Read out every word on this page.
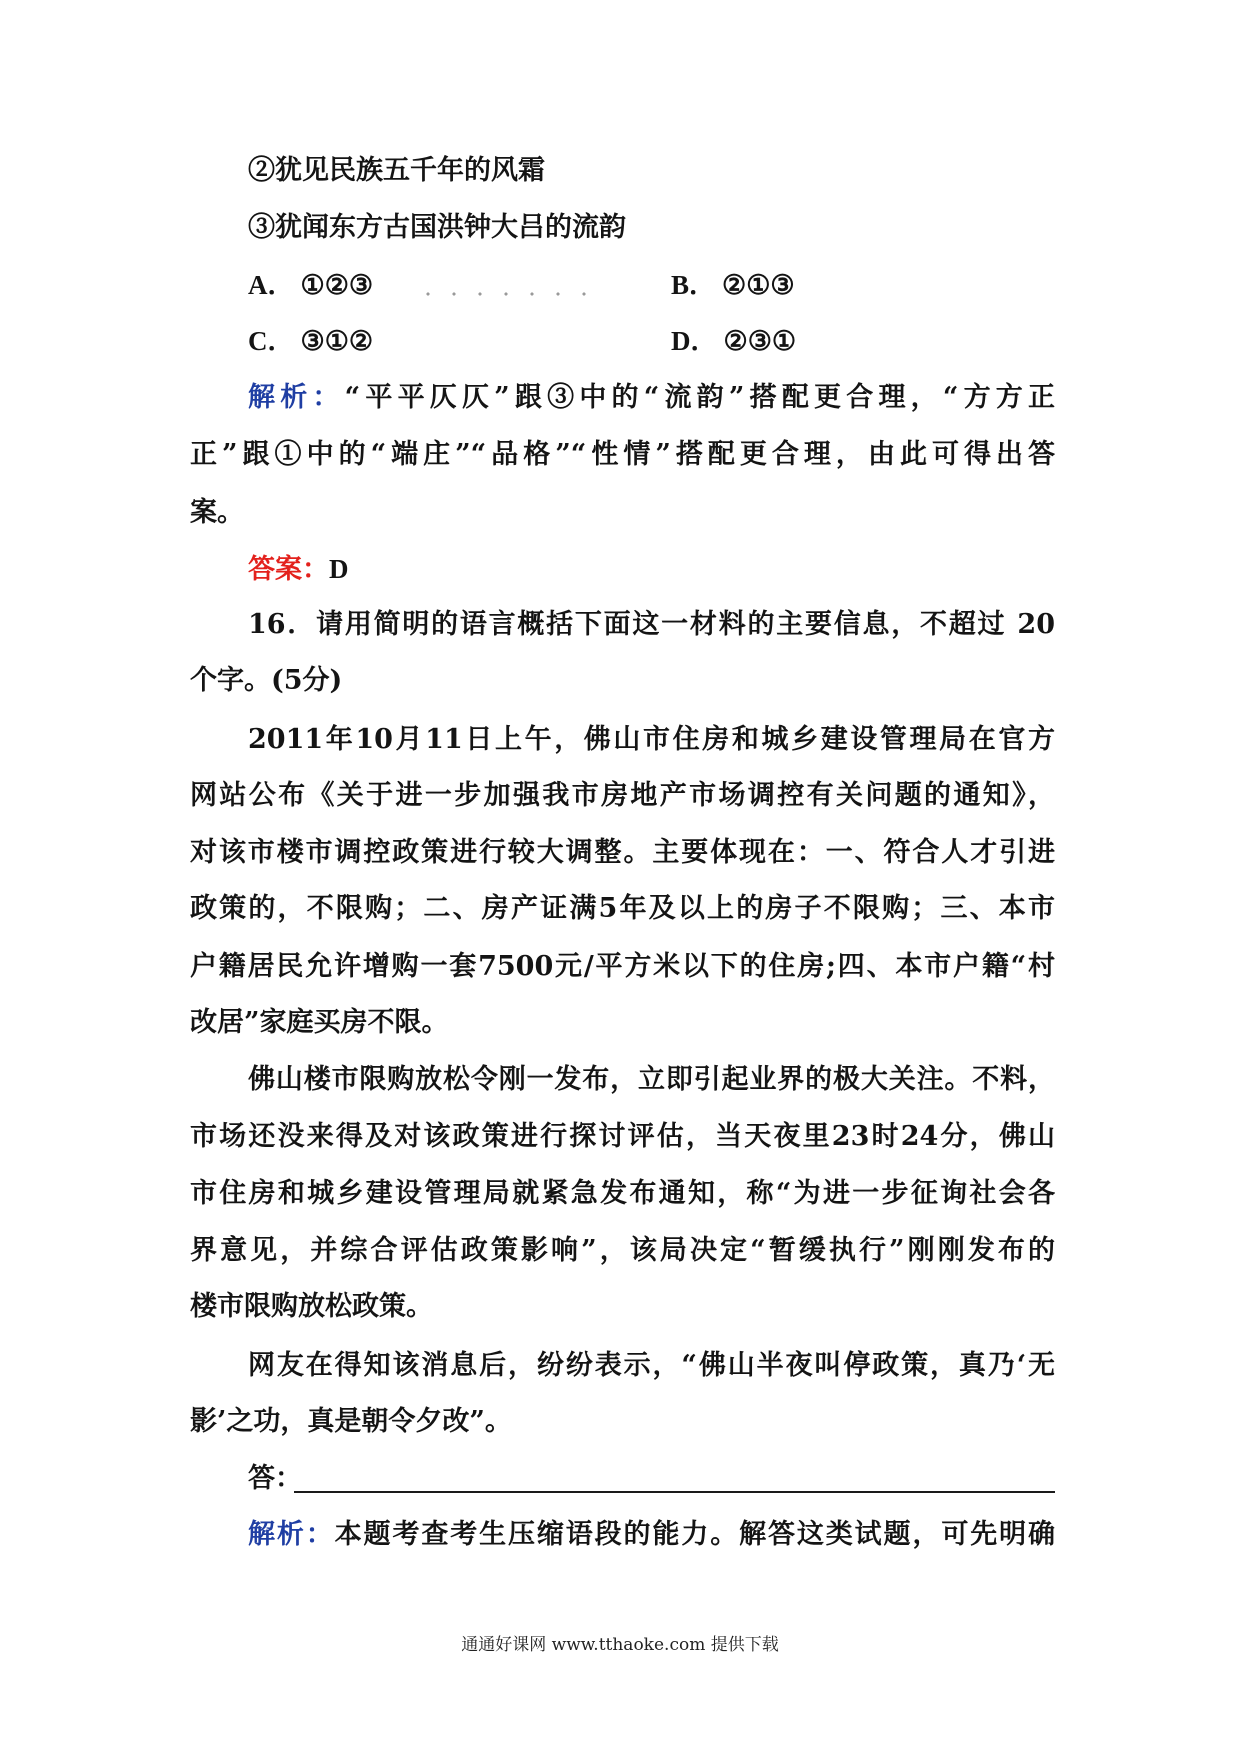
②犹见民族五千年的风霜
③犹闻东方古国洪钟大吕的流韵
A． ①②③	B． ②①③
C． ③①②	D． ②③①
解析：“平平仄仄”跟③中的“流韵”搭配更合理，“方方正
正”跟①中的“端庄”“品格”“性情”搭配更合理，由此可得出答
案。
答案：D
16．请用简明的语言概括下面这一材料的主要信息，不超过 20
个字。(5分)
2011年10月11日上午，佛山市住房和城乡建设管理局在官方
网站公布《关于进一步加强我市房地产市场调控有关问题的通知》，
对该市楼市调控政策进行较大调整。主要体现在：一、符合人才引进
政策的，不限购；二、房产证满5年及以上的房子不限购；三、本市
户籍居民允许增购一套7500元/平方米以下的住房;四、本市户籍“村
改居”家庭买房不限。
佛山楼市限购放松令刚一发布，立即引起业界的极大关注。不料，
市场还没来得及对该政策进行探讨评估，当天夜里23时24分，佛山
市住房和城乡建设管理局就紧急发布通知，称“为进一步征询社会各
界意见，并综合评估政策影响”，该局决定“暂缓执行”刚刚发布的
楼市限购放松政策。
网友在得知该消息后，纷纷表示，“佛山半夜叫停政策，真乃‘无
影’之功，真是朝令夕改”。
答：
解析：本题考查考生压缩语段的能力。解答这类试题，可先明确
通通好课网 www.tthaoke.com 提供下载
